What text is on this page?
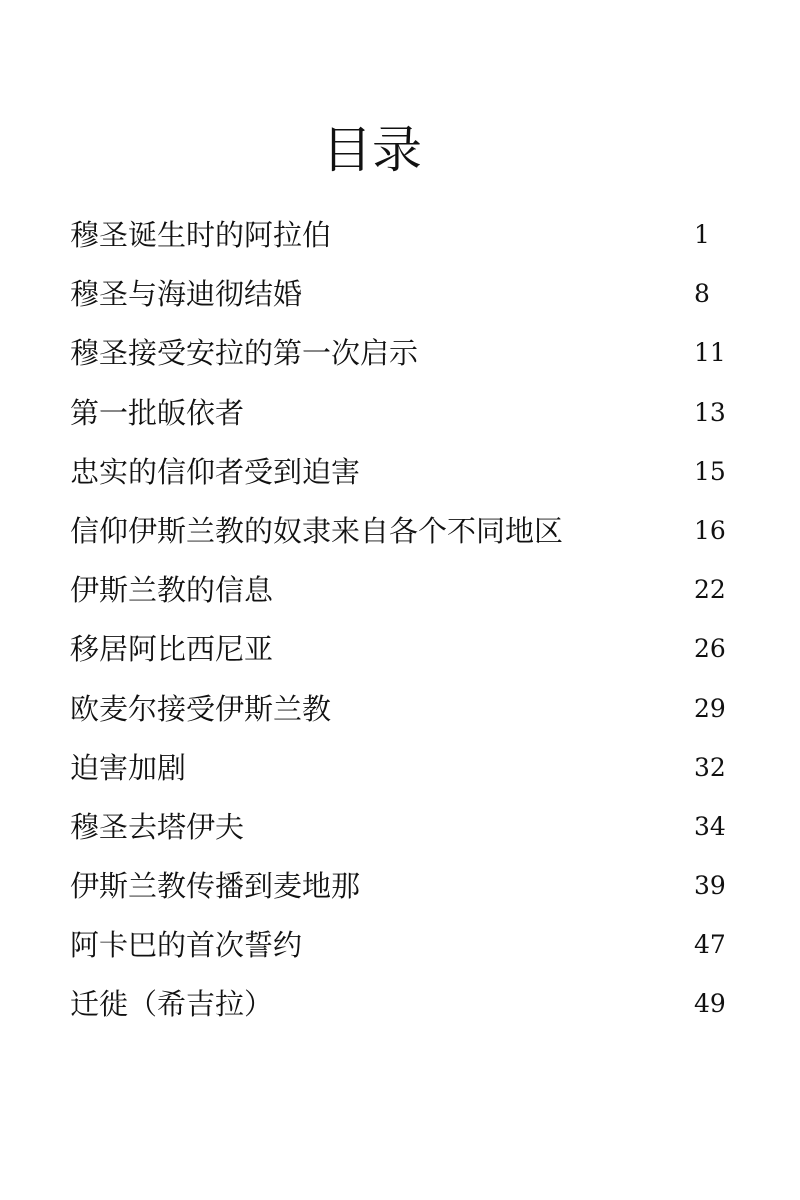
目录
穆圣诞生时的阿拉伯	1
穆圣与海迪彻结婚	8
穆圣接受安拉的第一次启示	11
第一批皈依者	13
忠实的信仰者受到迫害	15
信仰伊斯兰教的奴隶来自各个不同地区	16
伊斯兰教的信息	22
移居阿比西尼亚	26
欧麦尔接受伊斯兰教	29
迫害加剧	32
穆圣去塔伊夫	34
伊斯兰教传播到麦地那	39
阿卡巴的首次誓约	47
迁徙（希吉拉）	49
